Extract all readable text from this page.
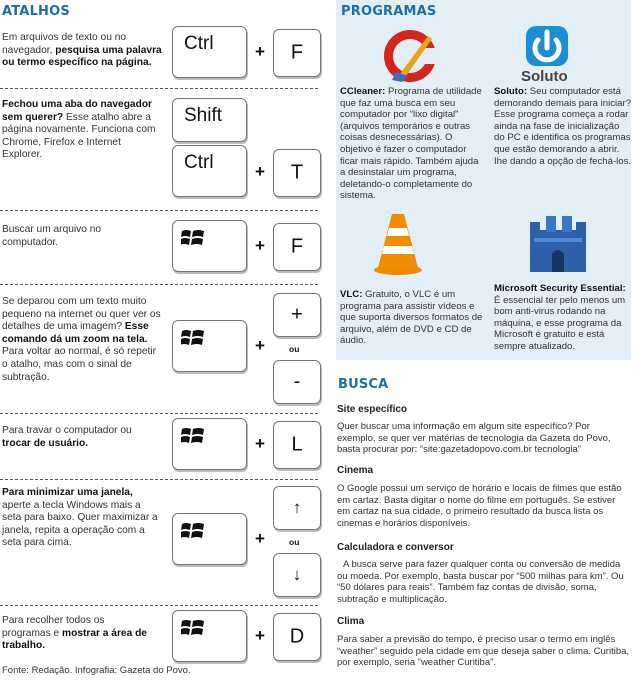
ATALHOS
Em arquivos de texto ou no navegador, pesquisa uma palavra ou termo específico na página.
Ctrl +	F
Fechou uma aba do navegador sem querer? Esse atalho abre a página novamente. Funciona com Chrome, Firefox e Internet Explorer.
Shift
Ctrl +	T
Buscar um arquivo no computador.	+	F
Se deparou com um texto muito pequeno na internet ou quer ver os detalhes de uma imagem? Esse comando dá um zoom na tela. Para voltar ao normal, é só repetir o atalho, mas com o sinal de subtração.
+
+
ou
-
Para travar o computador ou trocar de usuário.	+	L
Para minimizar uma janela, aperte a tecla Windows mais a seta para baixo. Quer maximizar a janela, repita a operação com a seta para cima.	+
↑
ou
↓
Para recolher todos os programas e mostrar a área de trabalho.
+	D
Fonte: Redação. Infografia: Gazeta do Povo.
PROGRAMAS
Soluto
CCleaner: Programa de utilidade que faz uma busca em seu computador por “lixo digital” (arquivos temporários e outras coisas desnecessárias). O objetivo é fazer o computador ficar mais rápido. Também ajuda a desinstalar um programa, deletando-o completamente do sistema.
Soluto: Seu computador está demorando demais para iniciar? Esse programa começa a rodar ainda na fase de inicialização do PC e identifica os programas que estão demorando a abrir. Ihe dando a opção de fechá-los.
VLC: Gratuito, o VLC é um programa para assistir vídeos e que suporta diversos formatos de arquivo, além de DVD e CD de áudio.
Microsoft Security Essential: É essencial ter pelo menos um bom anti-virus rodando na máquina, e esse programa da Microsoft é gratuito e está sempre atualizado.
BUSCA
Site específico
Quer buscar uma informação em algum site específico? Por exemplo, se quer ver matérias de tecnologia da Gazeta do Povo, basta procurar por: “site:gazetadopovo.com.br tecnologia”
Cinema
O Google possui um serviço de horário e locais de filmes que estão em cartaz. Basta digitar o nome do filme em português. Se estiver em cartaz na sua cidade, o primeiro resultado da busca lista os cinemas e horários disponíveis.
Calculadora e conversor
A busca serve para fazer qualquer conta ou conversão de medida ou moeda. Por exemplo, basta buscar por “500 milhas para km”. Ou “50 dólares para reais”. Também faz contas de divisão, soma, subtração e multiplicação.
Clima
Para saber a previsão do tempo, é preciso usar o termo em inglês “weather” seguido pela cidade em que deseja saber o clima. Curitiba, por exemplo, seria “weather Curitiba”.
